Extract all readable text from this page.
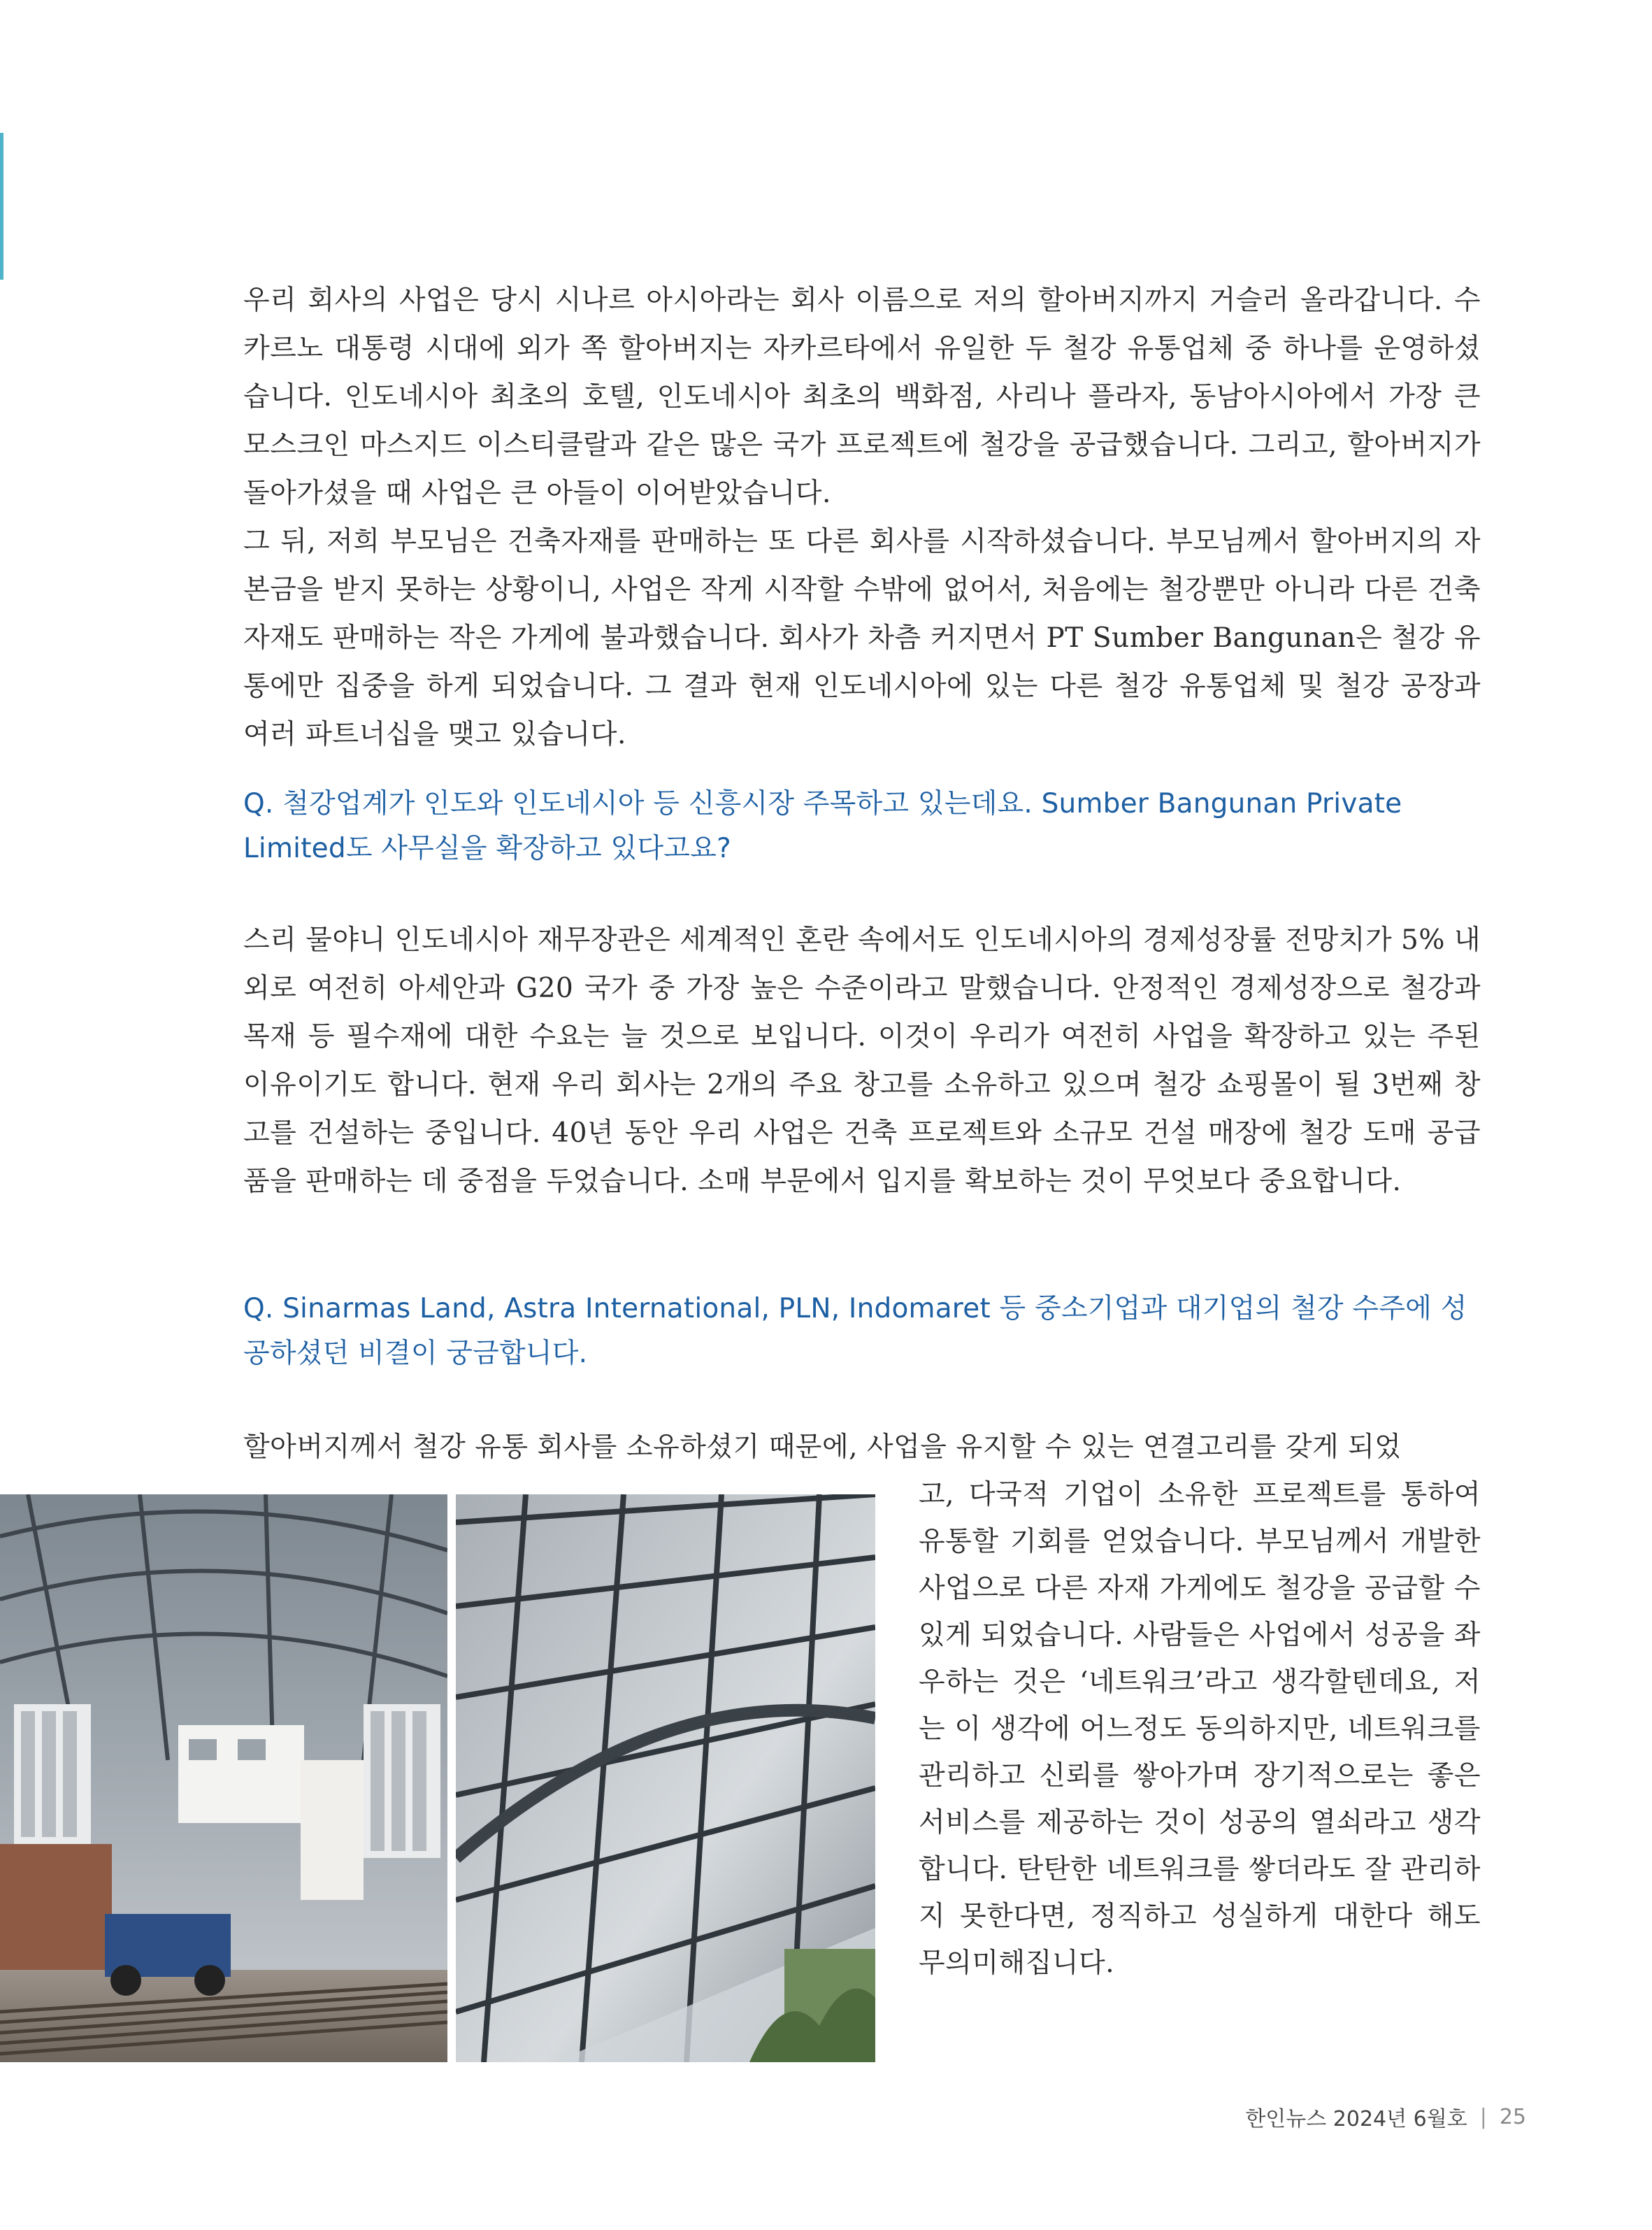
우리 회사의 사업은 당시 시나르 아시아라는 회사 이름으로 저의 할아버지까지 거슬러 올라갑니다. 수카르노 대통령 시대에 외가 쪽 할아버지는 자카르타에서 유일한 두 철강 유통업체 중 하나를 운영하셨습니다. 인도네시아 최초의 호텔, 인도네시아 최초의 백화점, 사리나 플라자, 동남아시아에서 가장 큰 모스크인 마스지드 이스티클랄과 같은 많은 국가 프로젝트에 철강을 공급했습니다. 그리고, 할아버지가 돌아가셨을 때 사업은 큰 아들이 이어받았습니다.

그 뒤, 저희 부모님은 건축자재를 판매하는 또 다른 회사를 시작하셨습니다. 부모님께서 할아버지의 자본금을 받지 못하는 상황이니, 사업은 작게 시작할 수밖에 없어서, 처음에는 철강뿐만 아니라 다른 건축자재도 판매하는 작은 가게에 불과했습니다. 회사가 차츰 커지면서 PT Sumber Bangunan은 철강 유통에만 집중을 하게 되었습니다. 그 결과 현재 인도네시아에 있는 다른 철강 유통업체 및 철강 공장과 여러 파트너십을 맺고 있습니다.

Q. 철강업계가 인도와 인도네시아 등 신흥시장 주목하고 있는데요. Sumber Bangunan Private Limited도 사무실을 확장하고 있다고요?

스리 물야니 인도네시아 재무장관은 세계적인 혼란 속에서도 인도네시아의 경제성장률 전망치가 5% 내외로 여전히 아세안과 G20 국가 중 가장 높은 수준이라고 말했습니다. 안정적인 경제성장으로 철강과 목재 등 필수재에 대한 수요는 늘 것으로 보입니다. 이것이 우리가 여전히 사업을 확장하고 있는 주된 이유이기도 합니다. 현재 우리 회사는 2개의 주요 창고를 소유하고 있으며 철강 쇼핑몰이 될 3번째 창고를 건설하는 중입니다. 40년 동안 우리 사업은 건축 프로젝트와 소규모 건설 매장에 철강 도매 공급품을 판매하는 데 중점을 두었습니다. 소매 부문에서 입지를 확보하는 것이 무엇보다 중요합니다.

Q. Sinarmas Land, Astra International, PLN, Indomaret 등 중소기업과 대기업의 철강 수주에 성공하셨던 비결이 궁금합니다.

할아버지께서 철강 유통 회사를 소유하셨기 때문에, 사업을 유지할 수 있는 연결고리를 갖게 되었

고, 다국적 기업이 소유한 프로젝트를 통하여 유통할 기회를 얻었습니다. 부모님께서 개발한 사업으로 다른 자재 가게에도 철강을 공급할 수 있게 되었습니다. 사람들은 사업에서 성공을 좌우하는 것은 ‘네트워크’라고 생각할텐데요, 저는 이 생각에 어느정도 동의하지만, 네트워크를 관리하고 신뢰를 쌓아가며 장기적으로는 좋은 서비스를 제공하는 것이 성공의 열쇠라고 생각합니다. 탄탄한 네트워크를 쌓더라도 잘 관리하지 못한다면, 정직하고 성실하게 대한다 해도 무의미해집니다.

한인뉴스 2024년 6월호 | 25
